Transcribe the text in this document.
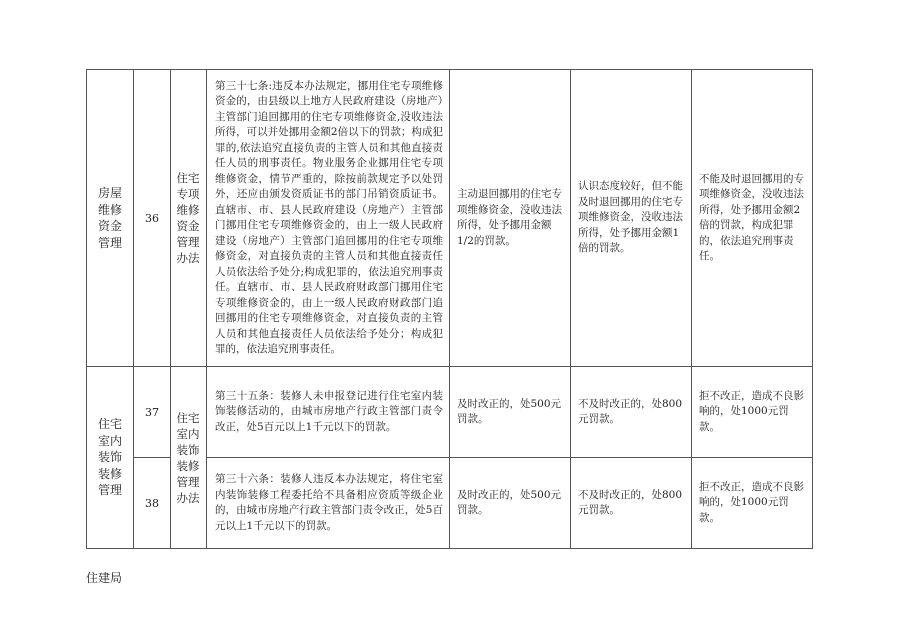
房屋维修资金管理	36	住宅专项维修资金管理办法	第三十七条:违反本办法规定，挪用住宅专项维修资金的，由县级以上地方人民政府建设（房地产）主管部门追回挪用的住宅专项维修资金,没收违法所得，可以并处挪用金额2倍以下的罚款；构成犯罪的,依法追究直接负责的主管人员和其他直接责任人员的刑事责任。物业服务企业挪用住宅专项维修资金，情节严重的，除按前款规定予以处罚外，还应由颁发资质证书的部门吊销资质证书。直辖市、市、县人民政府建设（房地产）主管部门挪用住宅专项维修资金的，由上一级人民政府建设（房地产）主管部门追回挪用的住宅专项维修资金，对直接负责的主管人员和其他直接责任人员依法给予处分;构成犯罪的，依法追究刑事责任。直辖市、市、县人民政府财政部门挪用住宅专项维修资金的，由上一级人民政府财政部门追回挪用的住宅专项维修资金，对直接负责的主管人员和其他直接责任人员依法给予处分；构成犯罪的，依法追究刑事责任。	主动退回挪用的住宅专项维修资金，没收违法所得，处予挪用金额1/2的罚款。	认识态度较好，但不能及时退回挪用的住宅专项维修资金，没收违法所得，处予挪用金额1倍的罚款。	不能及时退回挪用的专项维修资金，没收违法所得，处予挪用金额2倍的罚款，构成犯罪的，依法追究刑事责任。

住宅室内装饰装修管理	37	住宅室内装饰装修管理办法	第三十五条：装修人未申报登记进行住宅室内装饰装修活动的，由城市房地产行政主管部门责令改正，处5百元以上1千元以下的罚款。	及时改正的，处500元罚款。	不及时改正的，处800元罚款。	拒不改正，造成不良影响的，处1000元罚款。
	38		第三十六条：装修人违反本办法规定，将住宅室内装饰装修工程委托给不具备相应资质等级企业的，由城市房地产行政主管部门责令改正，处5百元以上1千元以下的罚款。	及时改正的，处500元罚款。	不及时改正的，处800元罚款。	拒不改正，造成不良影响的，处1000元罚款。
住建局
